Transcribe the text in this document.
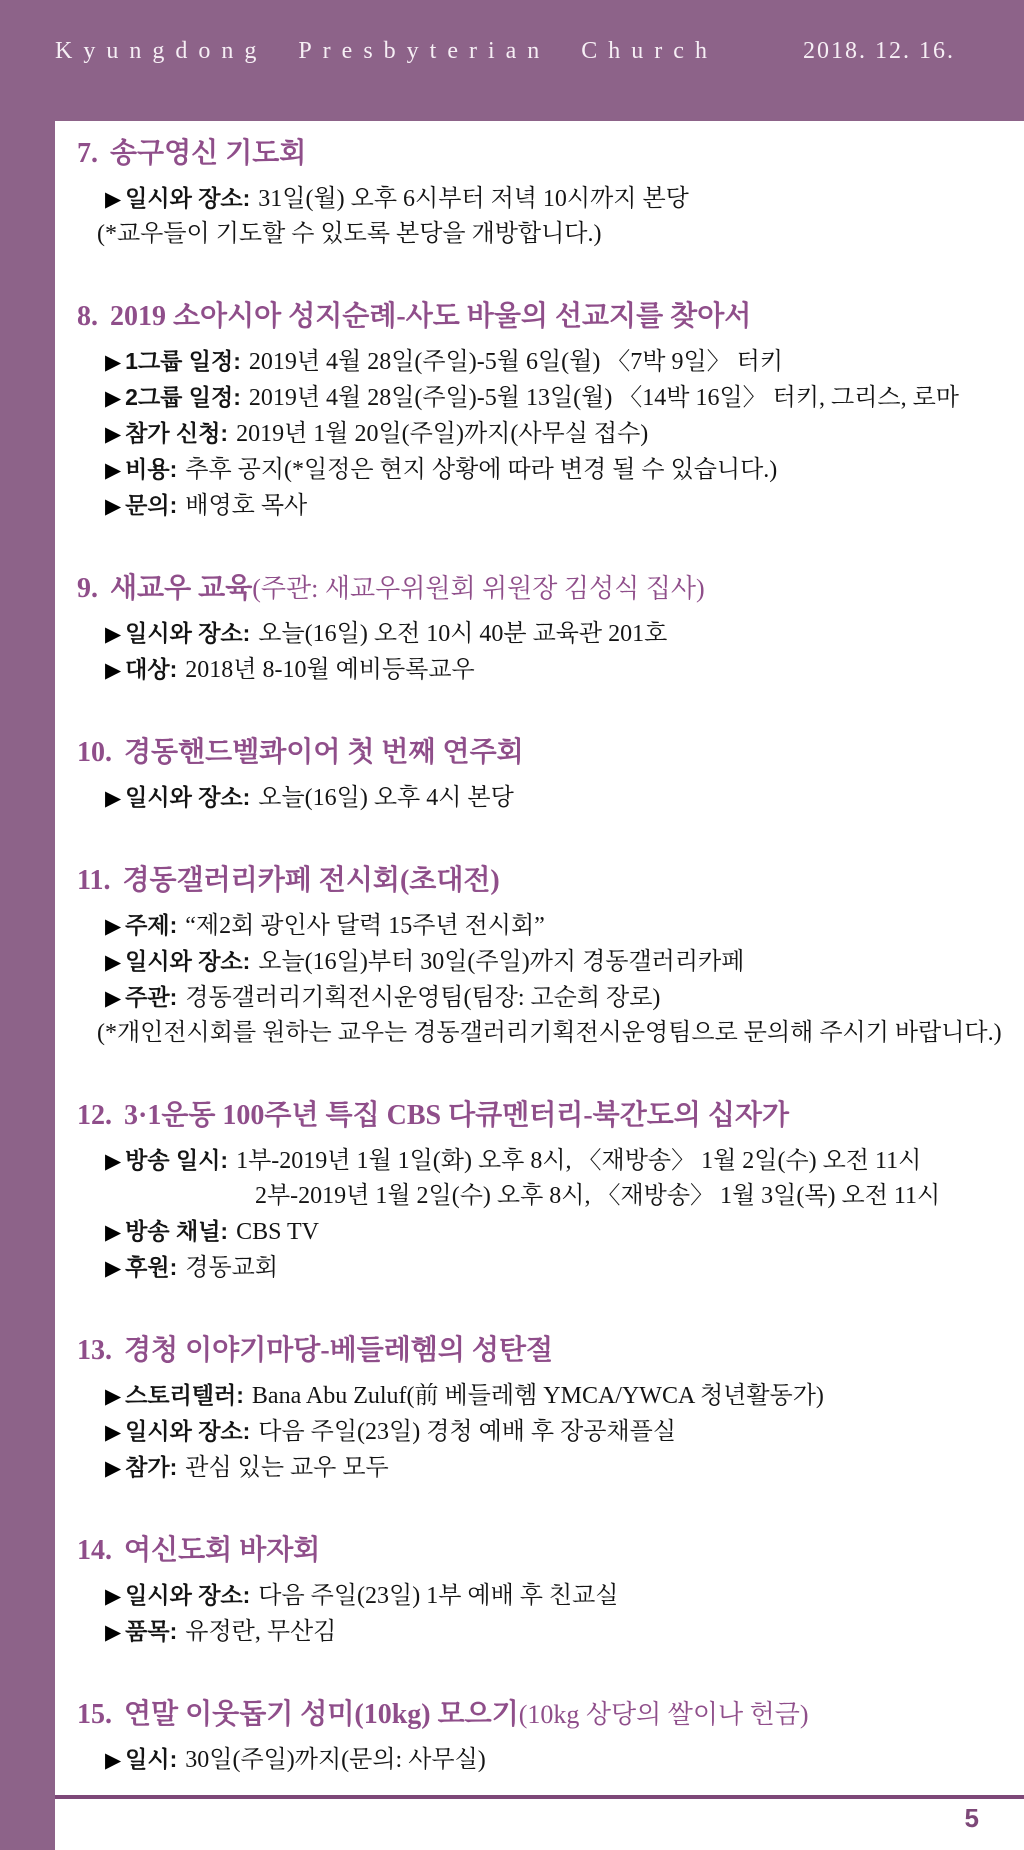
Kyungdong Presbyterian Church	2018. 12. 16.
7. 송구영신 기도회
▶ 일시와 장소: 31일(월) 오후 6시부터 저녁 10시까지 본당
(*교우들이 기도할 수 있도록 본당을 개방합니다.)
8. 2019 소아시아 성지순례-사도 바울의 선교지를 찾아서
▶ 1그룹 일정: 2019년 4월 28일(주일)-5월 6일(월) 〈7박 9일〉 터키
▶ 2그룹 일정: 2019년 4월 28일(주일)-5월 13일(월) 〈14박 16일〉 터키, 그리스, 로마
▶ 참가 신청: 2019년 1월 20일(주일)까지(사무실 접수)
▶ 비용: 추후 공지(*일정은 현지 상황에 따라 변경 될 수 있습니다.)
▶ 문의: 배영호 목사
9. 새교우 교육(주관: 새교우위원회 위원장 김성식 집사)
▶ 일시와 장소: 오늘(16일) 오전 10시 40분 교육관 201호
▶ 대상: 2018년 8-10월 예비등록교우
10. 경동핸드벨콰이어 첫 번째 연주회
▶ 일시와 장소: 오늘(16일) 오후 4시 본당
11. 경동갤러리카페 전시회(초대전)
▶ 주제: “제2회 광인사 달력 15주년 전시회”
▶ 일시와 장소: 오늘(16일)부터 30일(주일)까지 경동갤러리카페
▶ 주관: 경동갤러리기획전시운영팀(팀장: 고순희 장로)
(*개인전시회를 원하는 교우는 경동갤러리기획전시운영팀으로 문의해 주시기 바랍니다.)
12. 3·1운동 100주년 특집 CBS 다큐멘터리-북간도의 십자가
▶ 방송 일시: 1부-2019년 1월 1일(화) 오후 8시, 〈재방송〉 1월 2일(수) 오전 11시
2부-2019년 1월 2일(수) 오후 8시, 〈재방송〉 1월 3일(목) 오전 11시
▶ 방송 채널: CBS TV
▶ 후원: 경동교회
13. 경청 이야기마당-베들레헴의 성탄절
▶ 스토리텔러: Bana Abu Zuluf(前 베들레헴 YMCA/YWCA 청년활동가)
▶ 일시와 장소: 다음 주일(23일) 경청 예배 후 장공채플실
▶ 참가: 관심 있는 교우 모두
14. 여신도회 바자회
▶ 일시와 장소: 다음 주일(23일) 1부 예배 후 친교실
▶ 품목: 유정란, 무산김
15. 연말 이웃돕기 성미(10kg) 모으기(10kg 상당의 쌀이나 헌금)
▶ 일시: 30일(주일)까지(문의: 사무실)
5
